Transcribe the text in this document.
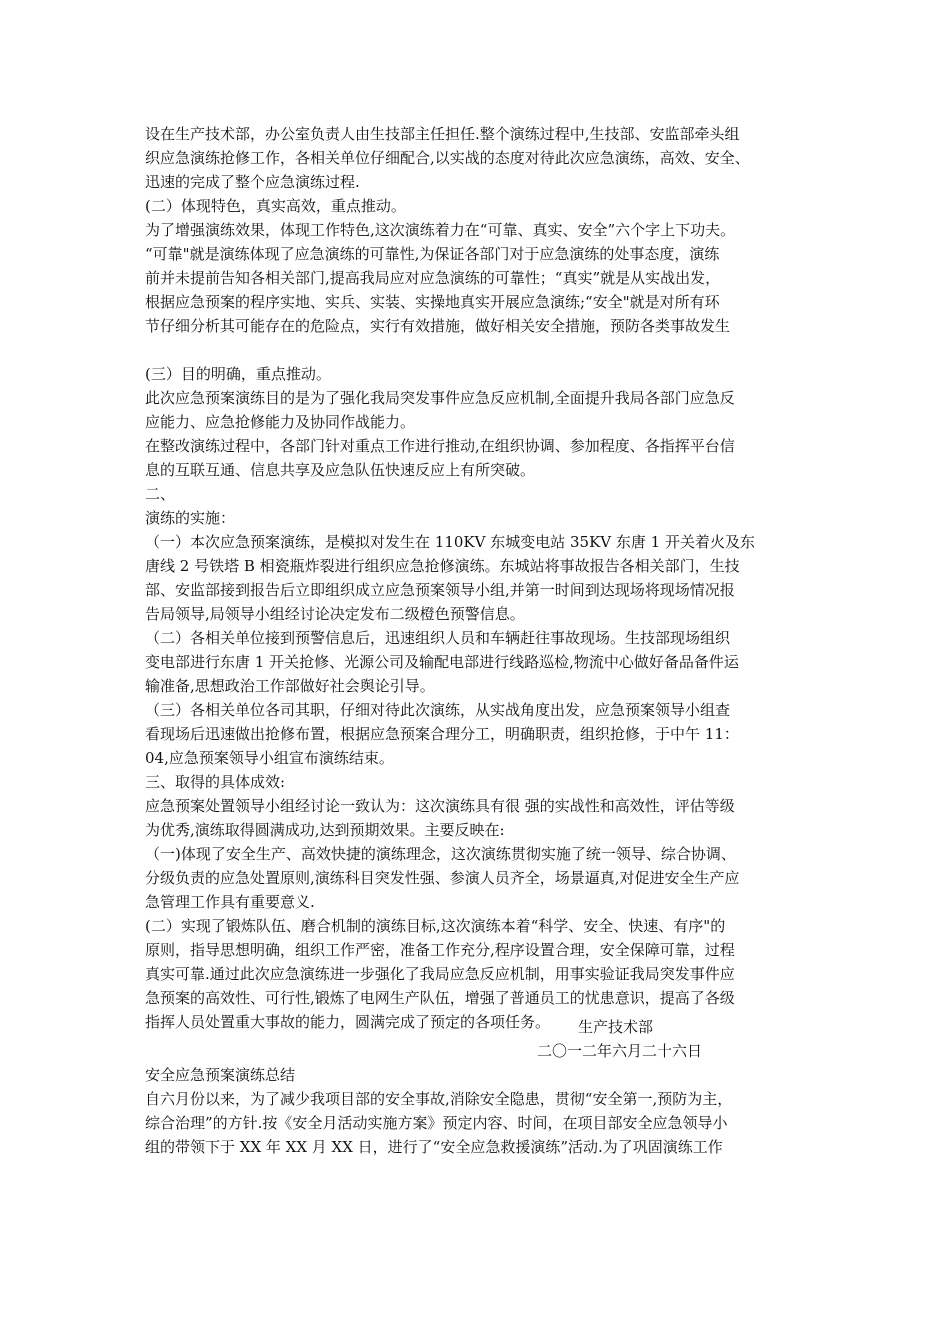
设在生产技术部，办公室负责人由生技部主任担任.整个演练过程中,生技部、安监部牵头组
织应急演练抢修工作，各相关单位仔细配合,以实战的态度对待此次应急演练，高效、安全、
迅速的完成了整个应急演练过程.
(二）体现特色，真实高效，重点推动。
为了增强演练效果，体现工作特色,这次演练着力在“可靠、真实、安全”六个字上下功夫。
“可靠"就是演练体现了应急演练的可靠性,为保证各部门对于应急演练的处事态度，演练
前并未提前告知各相关部门,提高我局应对应急演练的可靠性；“真实”就是从实战出发，
根据应急预案的程序实地、实兵、实装、实操地真实开展应急演练;“安全"就是对所有环
节仔细分析其可能存在的危险点，实行有效措施，做好相关安全措施，预防各类事故发生
(三）目的明确，重点推动。
此次应急预案演练目的是为了强化我局突发事件应急反应机制,全面提升我局各部门应急反
应能力、应急抢修能力及协同作战能力。
在整改演练过程中，各部门针对重点工作进行推动,在组织协调、参加程度、各指挥平台信
息的互联互通、信息共享及应急队伍快速反应上有所突破。
二、
演练的实施：
（一）本次应急预案演练，是模拟对发生在 110KV 东城变电站 35KV 东唐 1 开关着火及东
唐线 2 号铁塔 B 相瓷瓶炸裂进行组织应急抢修演练。东城站将事故报告各相关部门，生技
部、安监部接到报告后立即组织成立应急预案领导小组,并第一时间到达现场将现场情况报
告局领导,局领导小组经讨论决定发布二级橙色预警信息。
（二）各相关单位接到预警信息后，迅速组织人员和车辆赶往事故现场。生技部现场组织
变电部进行东唐 1 开关抢修、光源公司及输配电部进行线路巡检,物流中心做好备品备件运
输准备,思想政治工作部做好社会舆论引导。
（三）各相关单位各司其职，仔细对待此次演练，从实战角度出发，应急预案领导小组查
看现场后迅速做出抢修布置，根据应急预案合理分工，明确职责，组织抢修，于中午 11：
04,应急预案领导小组宣布演练结束。
三、取得的具体成效:
应急预案处置领导小组经讨论一致认为：这次演练具有很 强的实战性和高效性，评估等级
为优秀,演练取得圆满成功,达到预期效果。主要反映在:
（一)体现了安全生产、高效快捷的演练理念，这次演练贯彻实施了统一领导、综合协调、
分级负责的应急处置原则,演练科目突发性强、参演人员齐全，场景逼真,对促进安全生产应
急管理工作具有重要意义.
(二）实现了锻炼队伍、磨合机制的演练目标,这次演练本着“科学、安全、快速、有序"的
原则，指导思想明确，组织工作严密，准备工作充分,程序设置合理，安全保障可靠，过程
真实可靠.通过此次应急演练进一步强化了我局应急反应机制，用事实验证我局突发事件应
急预案的高效性、可行性,锻炼了电网生产队伍，增强了普通员工的忧患意识，提高了各级
指挥人员处置重大事故的能力，圆满完成了预定的各项任务。	生产技术部
二〇一二年六月二十六日
安全应急预案演练总结
自六月份以来，为了减少我项目部的安全事故,消除安全隐患，贯彻“安全第一,预防为主，
综合治理”的方针.按《安全月活动实施方案》预定内容、时间，在项目部安全应急领导小
组的带领下于 XX 年 XX 月 XX 日，进行了“安全应急救援演练”活动.为了巩固演练工作
